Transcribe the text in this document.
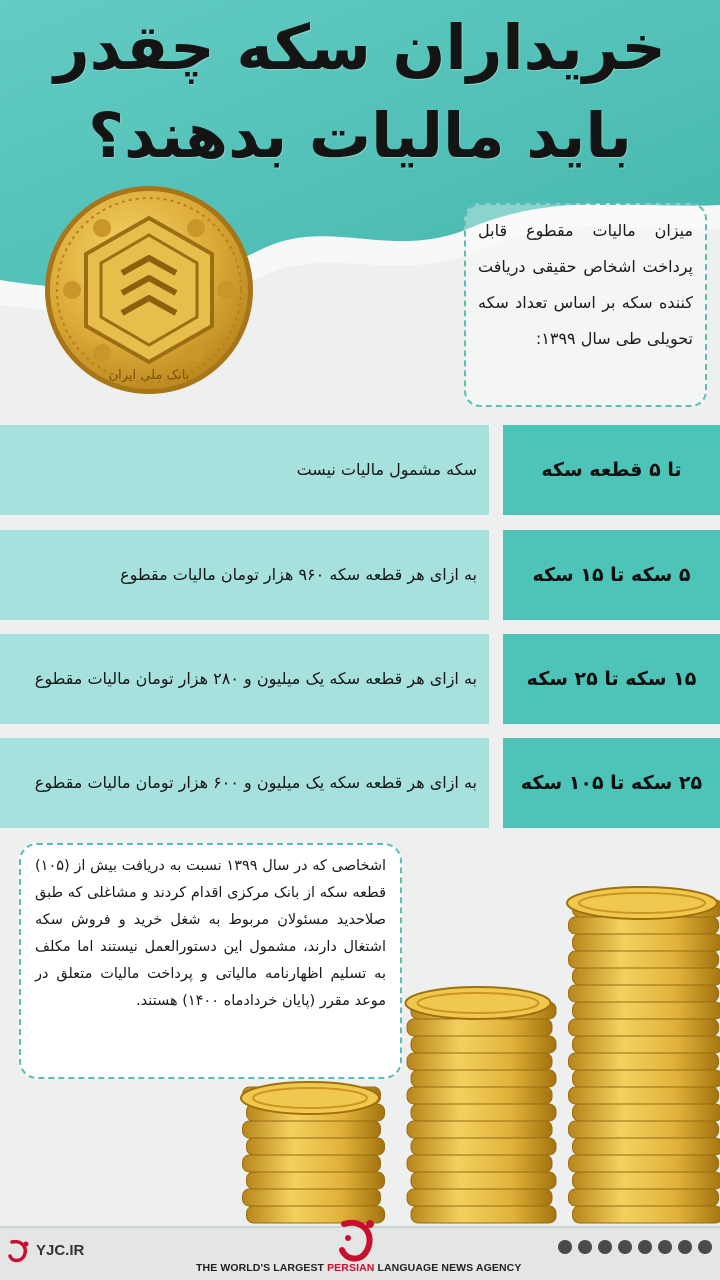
خریداران سکه چقدر
باید مالیات بدهند؟
بانک ملی ایران

میزان مالیات مقطوع قابل پرداخت اشخاص حقیقی دریافت کننده سکه بر اساس تعداد سکه تحویلی طی سال ۱۳۹۹:

سکه مشمول مالیات نیست	تا ۵ قطعه سکه
به ازای هر قطعه سکه ۹۶۰ هزار تومان مالیات مقطوع	۵ سکه تا ۱۵ سکه
به ازای هر قطعه سکه یک میلیون و ۲۸۰ هزار تومان مالیات مقطوع	۱۵ سکه تا ۲۵ سکه
به ازای هر قطعه سکه یک میلیون و ۶۰۰ هزار تومان مالیات مقطوع	۲۵ سکه تا ۱۰۵ سکه

اشخاصی که در سال ۱۳۹۹ نسبت به دریافت بیش از (۱۰۵) قطعه سکه از بانک مرکزی اقدام کردند و مشاغلی که طبق صلاحدید مسئولان مربوط به شغل خرید و فروش سکه اشتغال دارند، مشمول این دستورالعمل نیستند اما مکلف به تسلیم اظهارنامه مالیاتی و پرداخت مالیات متعلق در موعد مقرر (پایان خردادماه ۱۴۰۰) هستند.

YJC.IR
THE WORLD'S LARGEST PERSIAN LANGUAGE NEWS AGENCY
